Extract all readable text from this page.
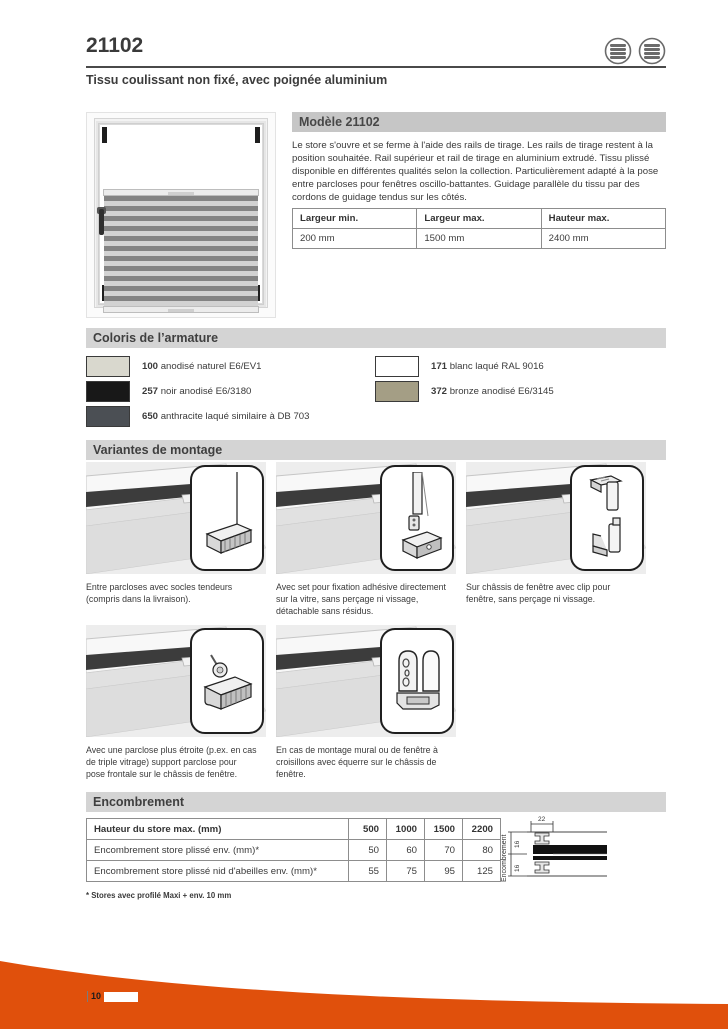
21102
Tissu coulissant non fixé, avec poignée aluminium
Modèle 21102

Le store s'ouvre et se ferme à l'aide des rails de tirage. Les rails de tirage restent à la position souhaitée. Rail supérieur et rail de tirage en aluminium extrudé. Tissu plissé disponible en différentes qualités selon la collection. Particulièrement adapté à la pose entre parcloses pour fenêtres oscillo-battantes. Guidage parallèle du tissu par des cordons de guidage tendus sur les côtés.

Largeur min.	Largeur max.	Hauteur max.
200 mm	1500 mm	2400 mm
Coloris de l’armature
100 anodisé naturel E6/EV1
257 noir anodisé E6/3180
650 anthracite laqué similaire à DB 703
171 blanc laqué RAL 9016
372 bronze anodisé E6/3145
Variantes de montage

Entre parcloses avec socles tendeurs (compris dans la livraison).

Avec set pour fixation adhésive directement sur la vitre, sans perçage ni vissage, détachable sans résidus.

Sur châssis de fenêtre avec clip pour fenêtre, sans perçage ni vissage.

Avec une parclose plus étroite (p.ex. en cas de triple vitrage) support parclose pour pose frontale sur le châssis de fenêtre.

En cas de montage mural ou de fenêtre à croisillons avec équerre sur le châssis de fenêtre.

Encombrement
Hauteur du store max. (mm)	500	1000	1500	2200
Encombrement store plissé env. (mm)*	50	60	70	80
Encombrement store plissé nid d'abeilles env. (mm)*	55	75	95	125 Encombrement 16
16
22
* Stores avec profilé Maxi + env. 10 mm
10
